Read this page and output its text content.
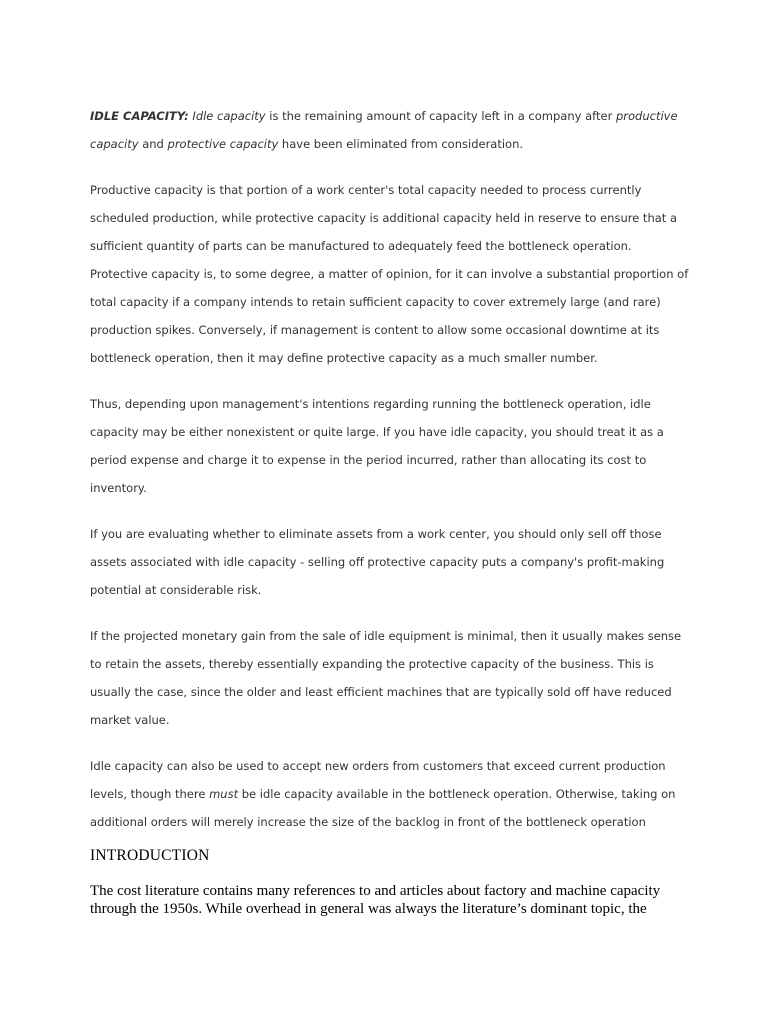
IDLE CAPACITY: Idle capacity is the remaining amount of capacity left in a company after productive capacity and protective capacity have been eliminated from consideration.

Productive capacity is that portion of a work center's total capacity needed to process currently scheduled production, while protective capacity is additional capacity held in reserve to ensure that a sufficient quantity of parts can be manufactured to adequately feed the bottleneck operation. Protective capacity is, to some degree, a matter of opinion, for it can involve a substantial proportion of total capacity if a company intends to retain sufficient capacity to cover extremely large (and rare) production spikes. Conversely, if management is content to allow some occasional downtime at its bottleneck operation, then it may define protective capacity as a much smaller number.

Thus, depending upon management's intentions regarding running the bottleneck operation, idle capacity may be either nonexistent or quite large. If you have idle capacity, you should treat it as a period expense and charge it to expense in the period incurred, rather than allocating its cost to inventory.

If you are evaluating whether to eliminate assets from a work center, you should only sell off those assets associated with idle capacity - selling off protective capacity puts a company's profit-making potential at considerable risk.

If the projected monetary gain from the sale of idle equipment is minimal, then it usually makes sense to retain the assets, thereby essentially expanding the protective capacity of the business. This is usually the case, since the older and least efficient machines that are typically sold off have reduced market value.

Idle capacity can also be used to accept new orders from customers that exceed current production levels, though there must be idle capacity available in the bottleneck operation. Otherwise, taking on additional orders will merely increase the size of the backlog in front of the bottleneck operation

INTRODUCTION

The cost literature contains many references to and articles about factory and machine capacity through the 1950s. While overhead in general was always the literature’s dominant topic, the
